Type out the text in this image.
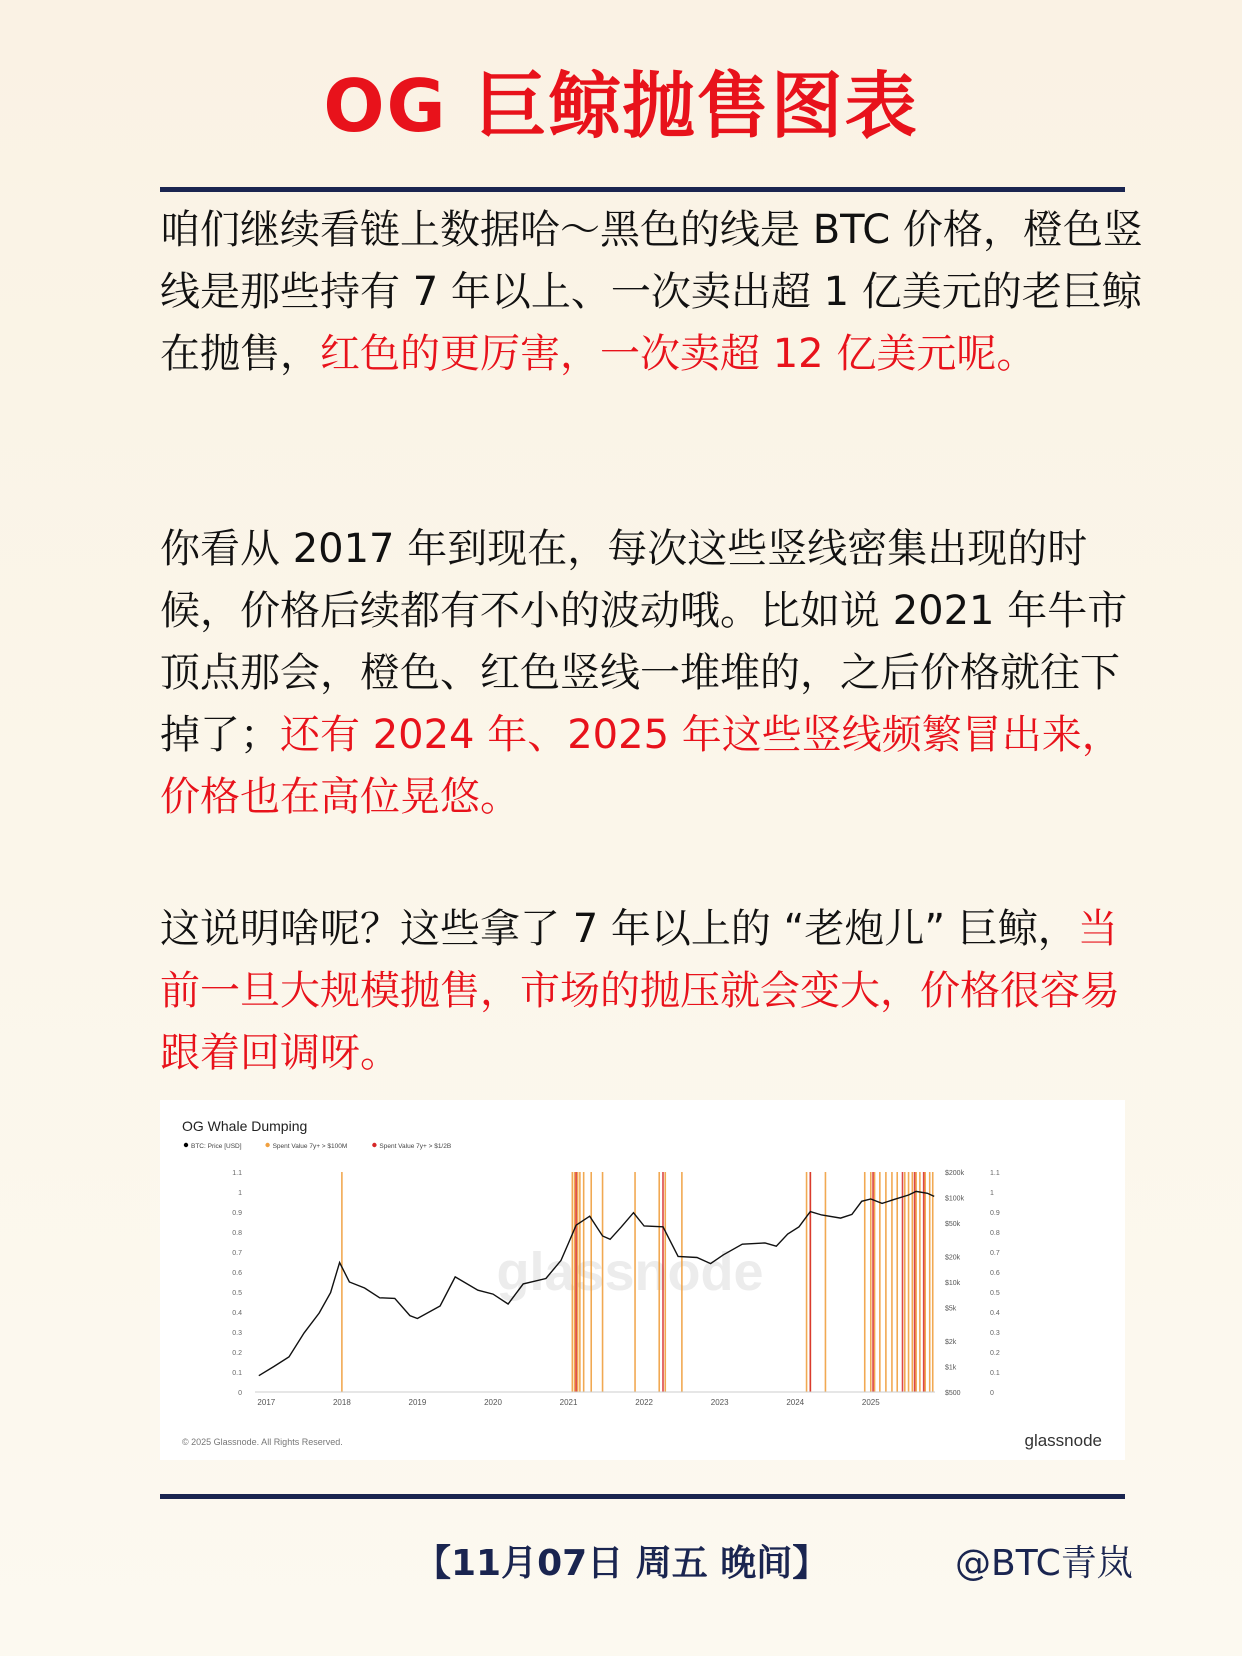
OG 巨鲸抛售图表
咱们继续看链上数据哈～黑色的线是 BTC 价格，橙色竖线是那些持有 7 年以上、一次卖出超 1 亿美元的老巨鲸在抛售，红色的更厉害，一次卖超 12 亿美元呢。
你看从 2017 年到现在，每次这些竖线密集出现的时候，价格后续都有不小的波动哦。比如说 2021 年牛市顶点那会，橙色、红色竖线一堆堆的，之后价格就往下掉了；还有 2024 年、2025 年这些竖线频繁冒出来，价格也在高位晃悠。
这说明啥呢？这些拿了 7 年以上的 “老炮儿” 巨鲸，当前一旦大规模抛售，市场的抛压就会变大，价格很容易跟着回调呀。
OG Whale Dumping
BTC: Price [USD]	Spent Value 7y+ > $100M	Spent Value 7y+ > $1/2B
glassnode
2017	2018	2019	2020	2021	2022	2023	2024	2025
0
0.1
0.2
0.3
0.4
0.5
0.6
0.7
0.8
0.9
1
1.1
$500
$1k
$2k
$5k
$10k
$20k
$50k
$100k
$200k
0
0.1
0.2
0.3
0.4
0.5
0.6
0.7
0.8
0.9
1
1.1
© 2025 Glassnode. All Rights Reserved.	glassnode
【11月07日 周五 晚间】	@BTC青岚
